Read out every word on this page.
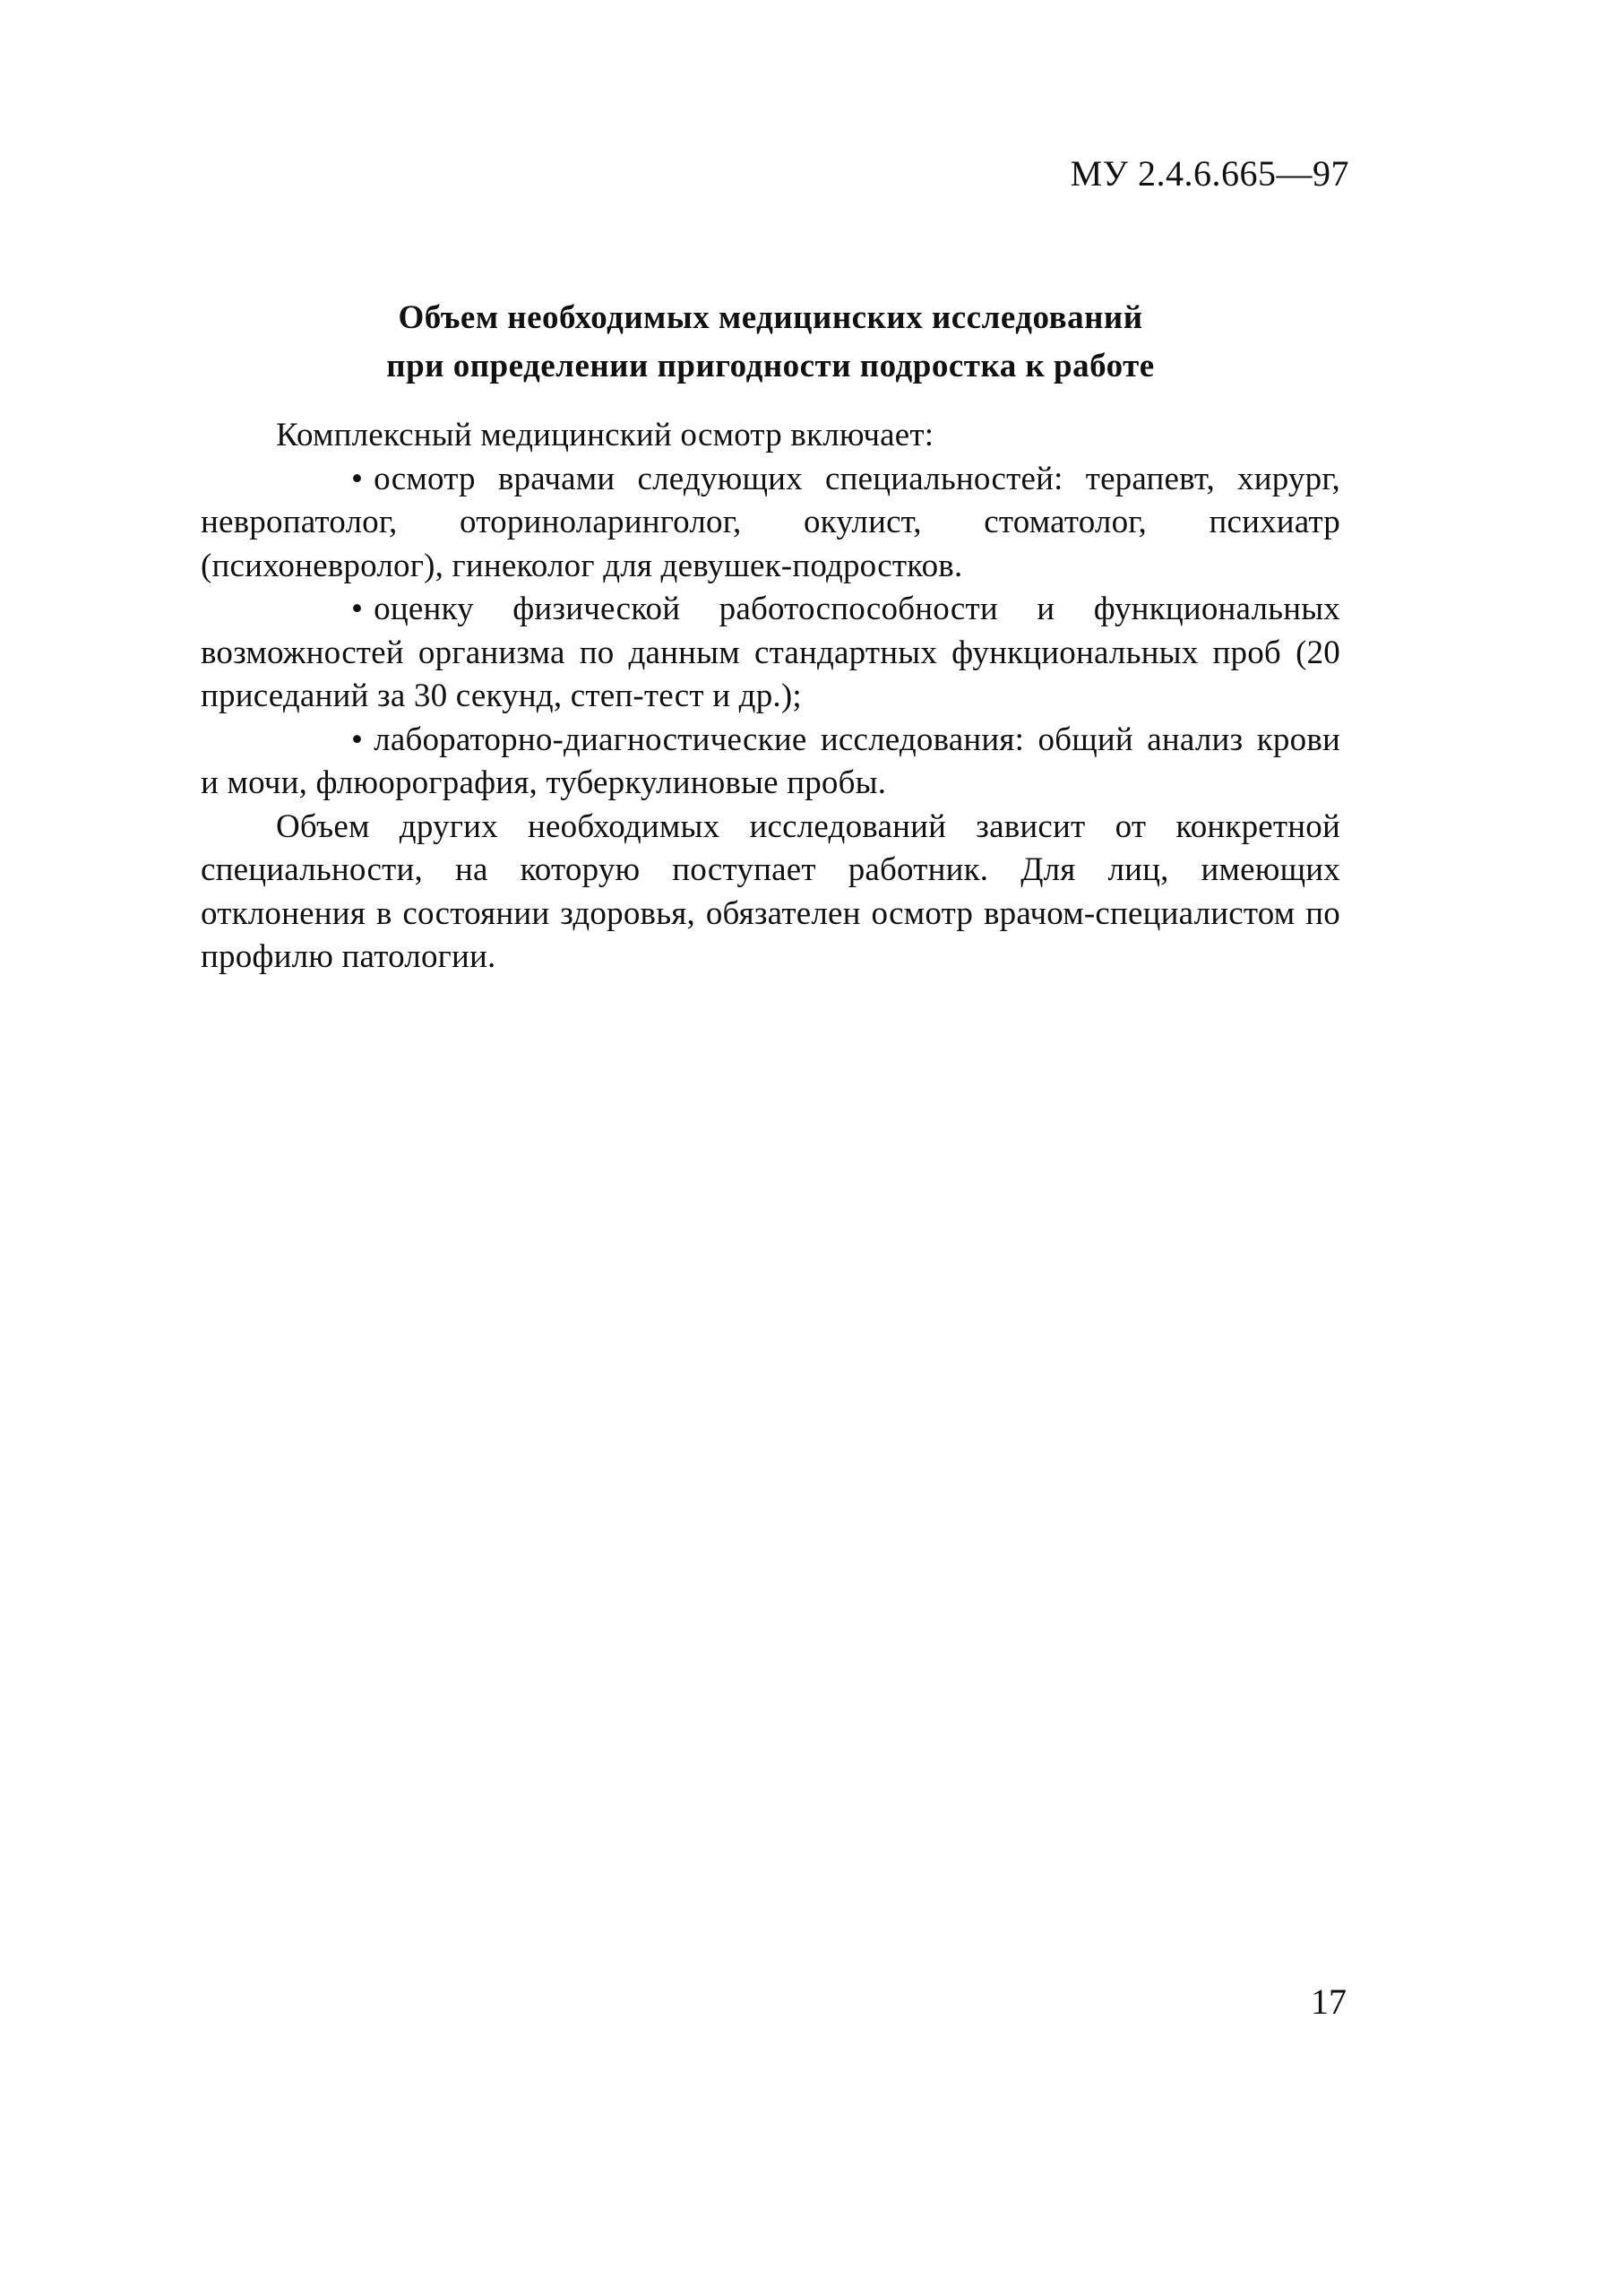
МУ 2.4.6.665—97
Объем необходимых медицинских исследований
при определении пригодности подростка к работе

Комплексный медицинский осмотр включает:

• осмотр врачами следующих специальностей: терапевт, хирург, невропатолог, оториноларинголог, окулист, стоматолог, психиатр (психоневролог), гинеколог для девушек-подростков.

• оценку физической работоспособности и функциональных возможностей организма по данным стандартных функциональных проб (20 приседаний за 30 секунд, степ-тест и др.);

• лабораторно-диагностические исследования: общий анализ крови и мочи, флюорография, туберкулиновые пробы.

Объем других необходимых исследований зависит от конкретной специальности, на которую поступает работник. Для лиц, имеющих отклонения в состоянии здоровья, обязателен осмотр врачом-специалистом по профилю патологии.

17
